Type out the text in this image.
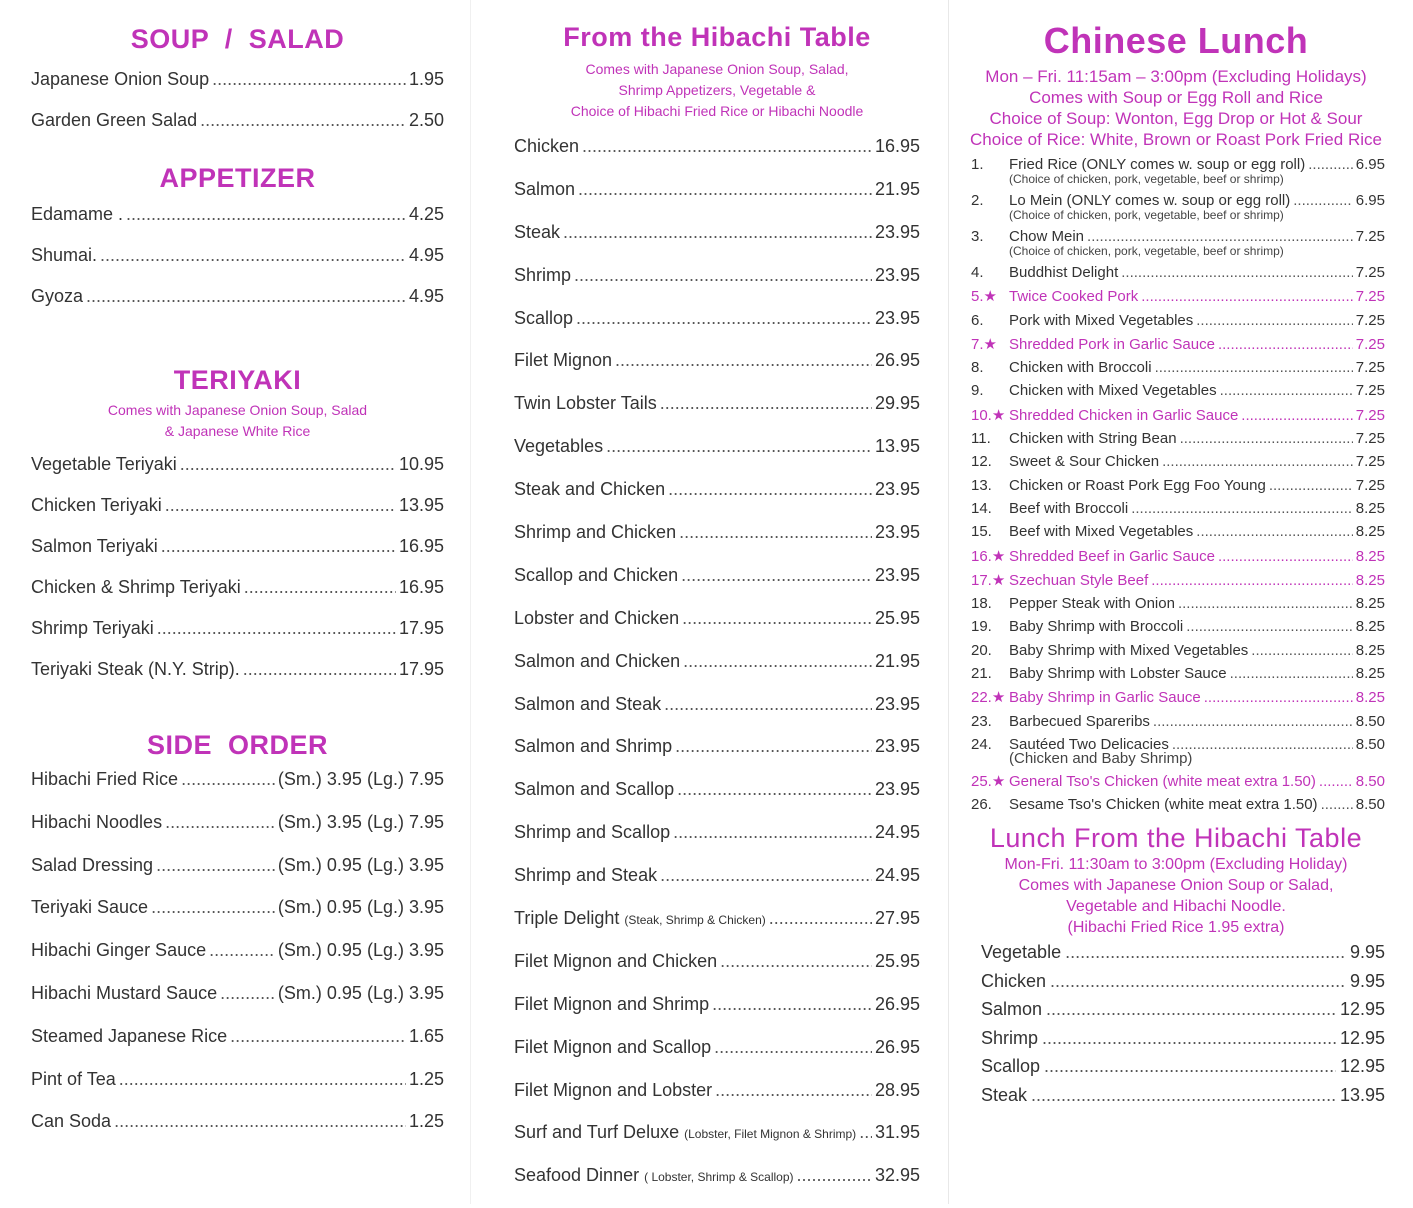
SOUP  /  SALAD
Japanese Onion Soup .....	1.95
Garden Green Salad .....	2.50
APPETIZER
Edamame . .....	4.25
Shumai. .....	4.95
Gyoza .....	4.95
TERIYAKI
Comes with Japanese Onion Soup, Salad
& Japanese White Rice
Vegetable Teriyaki .....	10.95
Chicken Teriyaki .....	13.95
Salmon Teriyaki .....	16.95
Chicken & Shrimp Teriyaki .....	16.95
Shrimp Teriyaki .....	17.95
Teriyaki Steak (N.Y. Strip). .....	17.95
SIDE  ORDER
Hibachi Fried Rice .....	(Sm.) 3.95 (Lg.) 7.95
Hibachi Noodles .....	(Sm.) 3.95 (Lg.) 7.95
Salad Dressing .....	(Sm.) 0.95 (Lg.) 3.95
Teriyaki Sauce .....	(Sm.) 0.95 (Lg.) 3.95
Hibachi Ginger Sauce .....	(Sm.) 0.95 (Lg.) 3.95
Hibachi Mustard Sauce .....	(Sm.) 0.95 (Lg.) 3.95
Steamed Japanese Rice .....	1.65
Pint of Tea .....	1.25
Can Soda .....	1.25
From the Hibachi Table
Comes with Japanese Onion Soup, Salad,
Shrimp Appetizers, Vegetable &
Choice of Hibachi Fried Rice or Hibachi Noodle
Chicken .....	16.95
Salmon .....	21.95
Steak .....	23.95
Shrimp .....	23.95
Scallop .....	23.95
Filet Mignon .....	26.95
Twin Lobster Tails .....	29.95
Vegetables .....	13.95
Steak and Chicken .....	23.95
Shrimp and Chicken .....	23.95
Scallop and Chicken .....	23.95
Lobster and Chicken .....	25.95
Salmon and Chicken .....	21.95
Salmon and Steak .....	23.95
Salmon and Shrimp .....	23.95
Salmon and Scallop .....	23.95
Shrimp and Scallop .....	24.95
Shrimp and Steak .....	24.95
Triple Delight (Steak, Shrimp & Chicken) .....	27.95
Filet Mignon and Chicken .....	25.95
Filet Mignon and Shrimp .....	26.95
Filet Mignon and Scallop .....	26.95
Filet Mignon and Lobster .....	28.95
Surf and Turf Deluxe (Lobster, Filet Mignon & Shrimp) ..... 31.95
Seafood Dinner ( Lobster, Shrimp & Scallop) .....	32.95
Chinese Lunch
Mon – Fri. 11:15am – 3:00pm (Excluding Holidays)
Comes with Soup or Egg Roll and Rice
Choice of Soup: Wonton, Egg Drop or Hot & Sour
Choice of Rice: White, Brown or Roast Pork Fried Rice
1.	Fried Rice (ONLY comes w. soup or egg roll) .....	6.95
(Choice of chicken, pork, vegetable, beef or shrimp)
2.	Lo Mein (ONLY comes w. soup or egg roll) .....	6.95
(Choice of chicken, pork, vegetable, beef or shrimp)
3.	Chow Mein .....	7.25
(Choice of chicken, pork, vegetable, beef or shrimp)
4.	Buddhist Delight .....	7.25
5.★ Twice Cooked Pork .....	7.25
6.	Pork with Mixed Vegetables .....	7.25
7.★ Shredded Pork in Garlic Sauce .....	7.25
8.	Chicken with Broccoli .....	7.25
9.	Chicken with Mixed Vegetables .....	7.25
10.★ Shredded Chicken in Garlic Sauce .....	7.25
11.	Chicken with String Bean .....	7.25
12.	Sweet & Sour Chicken .....	7.25
13.	Chicken or Roast Pork Egg Foo Young .....	7.25
14.	Beef with Broccoli .....	8.25
15.	Beef with Mixed Vegetables .....	8.25
16.★ Shredded Beef in Garlic Sauce .....	8.25
17.★ Szechuan Style Beef .....	8.25
18.	Pepper Steak with Onion .....	8.25
19.	Baby Shrimp with Broccoli .....	8.25
20.	Baby Shrimp with Mixed Vegetables .....	8.25
21.	Baby Shrimp with Lobster Sauce .....	8.25
22.★ Baby Shrimp in Garlic Sauce .....	8.25
23.	Barbecued Spareribs .....	8.50
24.	Sautéed Two Delicacies .....	8.50
(Chicken and Baby Shrimp)
25.★ General Tso's Chicken (white meat extra 1.50) .....	8.50
26.	Sesame Tso's Chicken (white meat extra 1.50) .....	8.50
Lunch From the Hibachi Table
Mon-Fri. 11:30am to 3:00pm (Excluding Holiday)
Comes with Japanese Onion Soup or Salad,
Vegetable and Hibachi Noodle.
(Hibachi Fried Rice 1.95 extra)
Vegetable .....	9.95
Chicken .....	9.95
Salmon .....	12.95
Shrimp .....	12.95
Scallop .....	12.95
Steak .....	13.95
